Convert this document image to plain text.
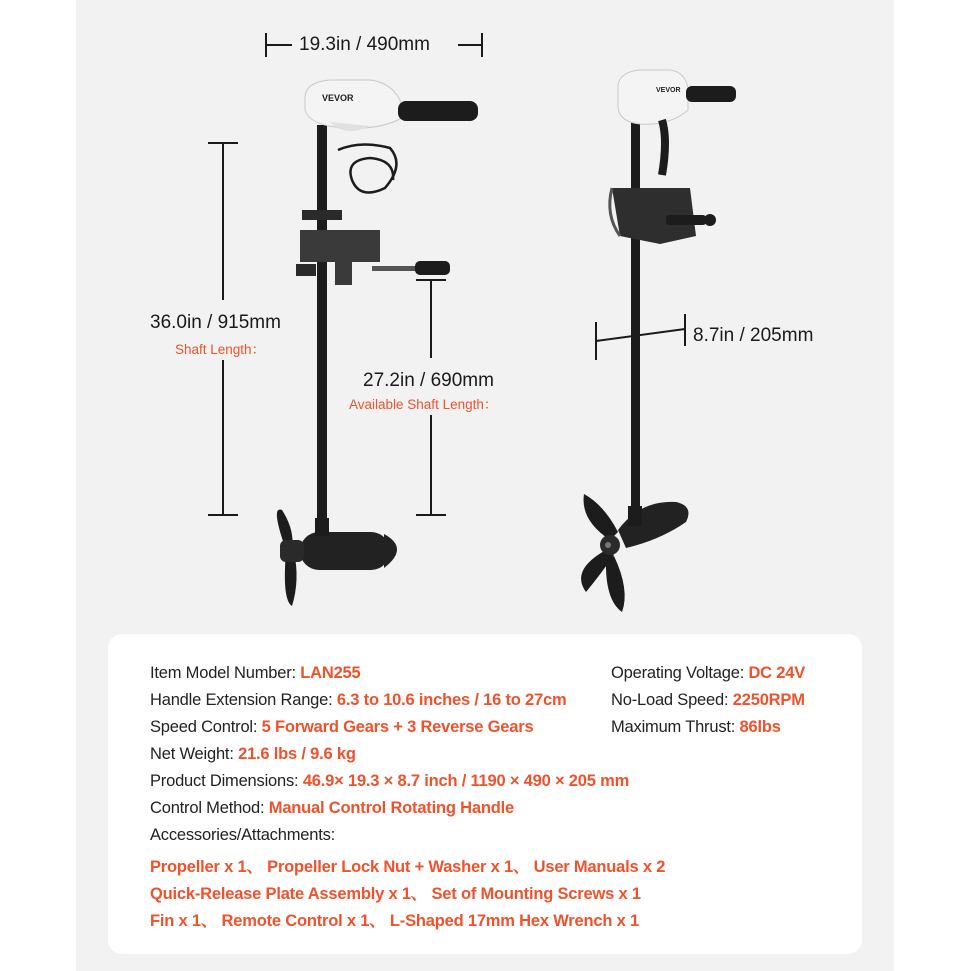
VEVOR
VEVOR
19.3in / 490mm
36.0in / 915mm
Shaft Length：
27.2in / 690mm
Available Shaft Length：
8.7in / 205mm
Item Model Number: LAN255
Handle Extension Range: 6.3 to 10.6 inches / 16 to 27cm
Speed Control: 5 Forward Gears + 3 Reverse Gears
Net Weight: 21.6 lbs / 9.6 kg
Product Dimensions: 46.9× 19.3 × 8.7 inch / 1190 × 490 × 205 mm
Control Method: Manual Control Rotating Handle
Accessories/Attachments:
Propeller x 1、 Propeller Lock Nut + Washer x 1、 User Manuals x 2
Quick-Release Plate Assembly x 1、 Set of Mounting Screws x 1
Fin x 1、 Remote Control x 1、 L-Shaped 17mm Hex Wrench x 1
Operating Voltage: DC 24V
No-Load Speed: 2250RPM
Maximum Thrust: 86lbs
